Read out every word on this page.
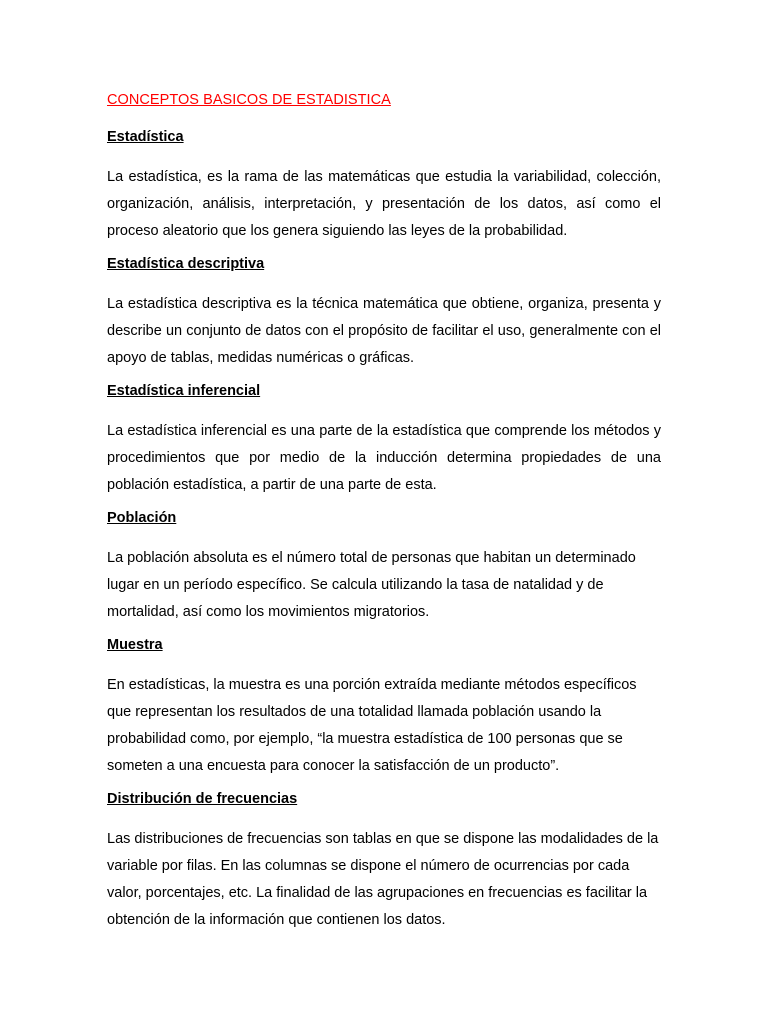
CONCEPTOS BASICOS DE ESTADISTICA
Estadística

La estadística, es la rama de las matemáticas que estudia la variabilidad, colección, organización, análisis, interpretación, y presentación de los datos, así como el proceso aleatorio que los genera siguiendo las leyes de la probabilidad.

Estadística descriptiva

La estadística descriptiva es la técnica matemática que obtiene, organiza, presenta y describe un conjunto de datos con el propósito de facilitar el uso, generalmente con el apoyo de tablas, medidas numéricas o gráficas.

Estadística inferencial

La estadística inferencial es una parte de la estadística que comprende los métodos y procedimientos que por medio de la inducción determina propiedades de una población estadística, a partir de una parte de esta.

Población

La población absoluta es el número total de personas que habitan un determinado lugar en un período específico. Se calcula utilizando la tasa de natalidad y de mortalidad, así como los movimientos migratorios.

Muestra

En estadísticas, la muestra es una porción extraída mediante métodos específicos que representan los resultados de una totalidad llamada población usando la probabilidad como, por ejemplo, “la muestra estadística de 100 personas que se someten a una encuesta para conocer la satisfacción de un producto”.

Distribución de frecuencias

Las distribuciones de frecuencias son tablas en que se dispone las modalidades de la variable por filas. En las columnas se dispone el número de ocurrencias por cada valor, porcentajes, etc. La finalidad de las agrupaciones en frecuencias es facilitar la obtención de la información que contienen los datos.
